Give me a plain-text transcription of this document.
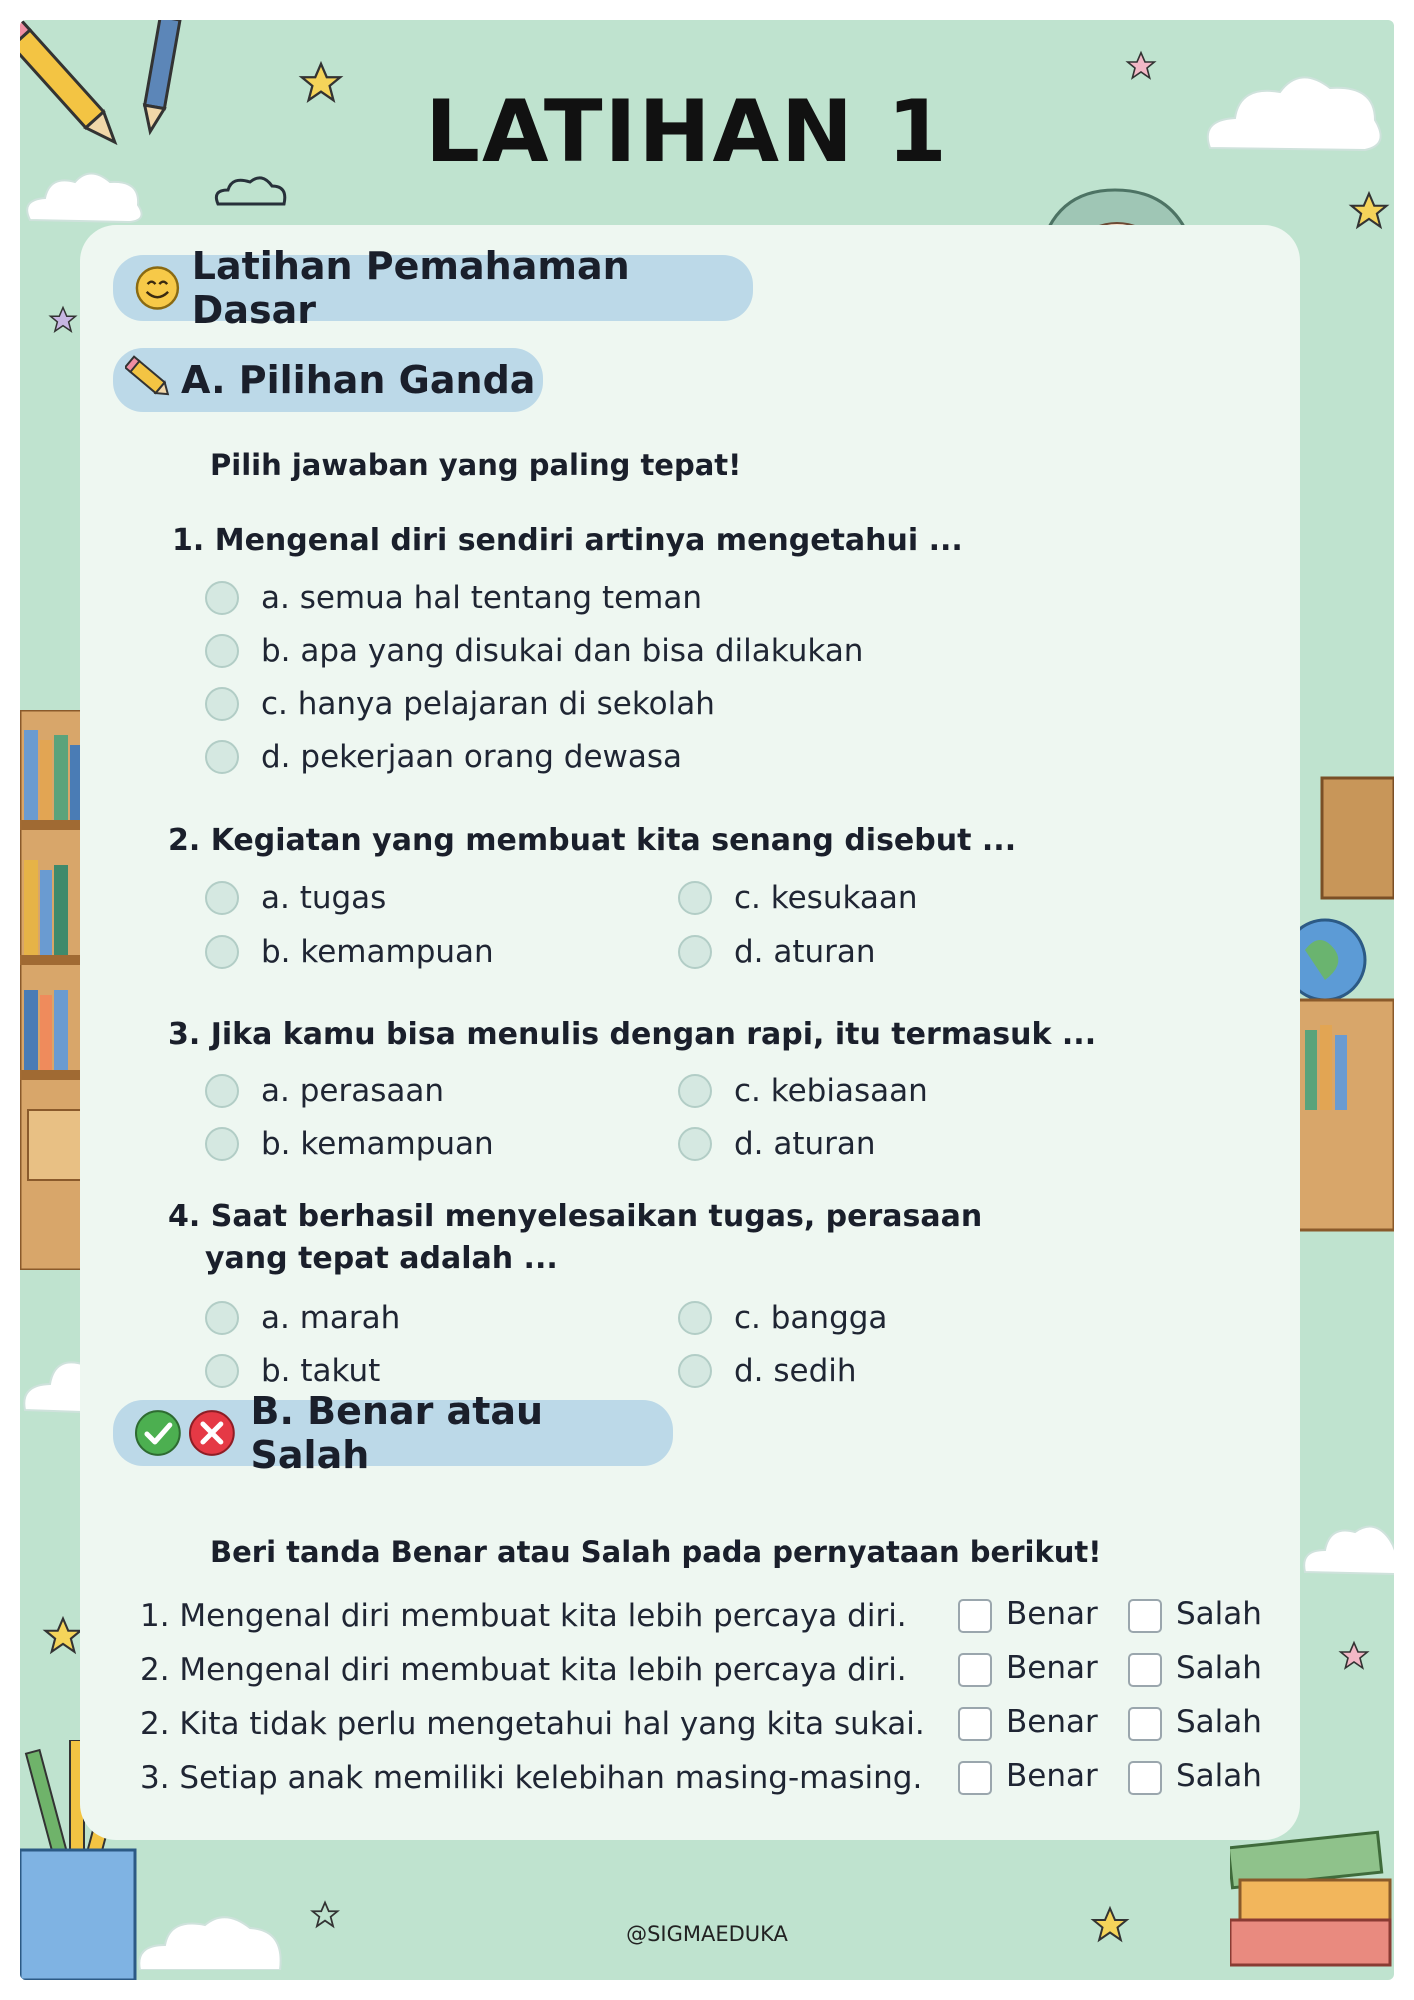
LATIHAN 1
Latihan Pemahaman Dasar
A. Pilihan Ganda
Pilih jawaban yang paling tepat!
1. Mengenal diri sendiri artinya mengetahui ...
a. semua hal tentang teman
b. apa yang disukai dan bisa dilakukan
c. hanya pelajaran di sekolah
d. pekerjaan orang dewasa
2. Kegiatan yang membuat kita senang disebut ...
a. tugas
b. kemampuan
c. kesukaan
d. aturan
3. Jika kamu bisa menulis dengan rapi, itu termasuk ...
a. perasaan
b. kemampuan
c. kebiasaan
d. aturan
4. Saat berhasil menyelesaikan tugas, perasaan
yang tepat adalah ...
a. marah
b. takut
c. bangga
d. sedih
B. Benar atau Salah
Beri tanda Benar atau Salah pada pernyataan berikut!
1. Mengenal diri membuat kita lebih percaya diri.	Benar	Salah
2. Mengenal diri membuat kita lebih percaya diri.	Benar	Salah
2. Kita tidak perlu mengetahui hal yang kita sukai.	Benar	Salah
3. Setiap anak memiliki kelebihan masing-masing.	Benar	Salah
@SIGMAEDUKA
